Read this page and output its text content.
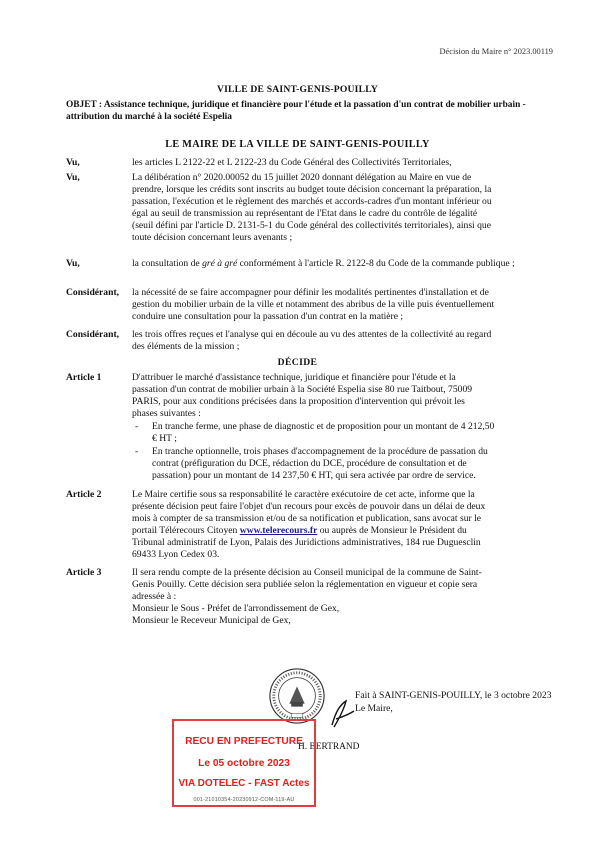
Décision du Maire n° 2023.00119
VILLE DE SAINT-GENIS-POUILLY
OBJET : Assistance technique, juridique et financière pour l'étude et la passation d'un contrat de mobilier urbain - attribution du marché à la société Espelia
LE MAIRE DE LA VILLE DE SAINT-GENIS-POUILLY
Vu,	les articles L 2122-22 et L 2122-23 du Code Général des Collectivités Territoriales,
Vu,	La délibération n° 2020.00052 du 15 juillet 2020 donnant délégation au Maire en vue de
prendre, lorsque les crédits sont inscrits au budget toute décision concernant la préparation, la
passation, l'exécution et le règlement des marchés et accords-cadres d'un montant inférieur ou
égal au seuil de transmission au représentant de l'Etat dans le cadre du contrôle de légalité
(seuil défini par l'article D. 2131-5-1 du Code général des collectivités territoriales), ainsi que
toute décision concernant leurs avenants ;
Vu,	la consultation de gré à gré conformément à l'article R. 2122-8 du Code de la commande publique ;
Considérant,	la nécessité de se faire accompagner pour définir les modalités pertinentes d'installation et de
gestion du mobilier urbain de la ville et notamment des abribus de la ville puis éventuellement
conduire une consultation pour la passation d'un contrat en la matière ;
Considérant,	les trois offres reçues et l'analyse qui en découle au vu des attentes de la collectivité au regard
des éléments de la mission ;
DÉCIDE
Article 1	D'attribuer le marché d'assistance technique, juridique et financière pour l'étude et la
passation d'un contrat de mobilier urbain à la Société Espelia sise 80 rue Taitbout, 75009
PARIS, pour aux conditions précisées dans la proposition d'intervention qui prévoit les
phases suivantes :
- En tranche ferme, une phase de diagnostic et de proposition pour un montant de 4 212,50
€ HT ;
- En tranche optionnelle, trois phases d'accompagnement de la procédure de passation du
contrat (préfiguration du DCE, rédaction du DCE, procédure de consultation et de
passation) pour un montant de 14 237,50 € HT, qui sera activée par ordre de service.
Article 2	Le Maire certifie sous sa responsabilité le caractère exécutoire de cet acte, informe que la
présente décision peut faire l'objet d'un recours pour excès de pouvoir dans un délai de deux
mois à compter de sa transmission et/ou de sa notification et publication, sans avocat sur le
portail Télérecours Citoyen www.telerecours.fr ou auprès de Monsieur le Président du
Tribunal administratif de Lyon, Palais des Juridictions administratives, 184 rue Duguesclin
69433 Lyon Cedex 03.
Article 3	Il sera rendu compte de la présente décision au Conseil municipal de la commune de Saint-
Genis Pouilly. Cette décision sera publiée selon la réglementation en vigueur et copie sera
adressée à :
Monsieur le Sous - Préfet de l'arrondissement de Gex,
Monsieur le Receveur Municipal de Gex,
Fait à SAINT-GENIS-POUILLY, le 3 octobre 2023
Le Maire,
H. BERTRAND
RECU EN PREFECTURE
Le 05 octobre 2023
VIA DOTELEC - FAST Actes
001-21010354-20230912-COM-119-AU
